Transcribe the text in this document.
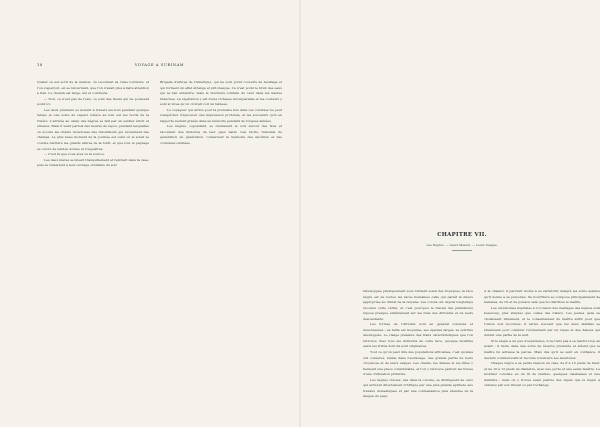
18	VOYAGE A SURINAM

Quand on est sorti de la maison, on reconnait sa vraie tournure, et l'on s'aperçoit, en se retournant, que l'on n'avait plus à faire attention à rien. Le chemin est large, uni et commode.

— Non, ce n'est pas de l'eau, ce sont des fleurs qui ne poussent point ici.

Les deux premiers se suivent à travers les bois pendant quelque temps et une sorte de vapeur s'élève au loin sur les bords de la rivière. L'arrivée au camp des nègres se fait par un sentier étroit et sinueux. Mais il vient parfois des heures de repos, pendant lesquelles on écoute les chants monotones des travailleurs qui reviennent des champs. Le plus beau moment de la journée est celui où le soleil se couche derrière les grands arbres de la forêt, et que tout le paysage se colore de teintes dorées et rougeâtres.

— C'est là que vous avez vu la source.

Les deux mères se lèvent tranquillement et rentrent dans la case, puis se remettent à leur ouvrage ordinaire du soir.

Brigade d'arbres de l'Amérique, qui ne sont point couverts de feuillage et qui forment un effet étrange et pittoresque. Ce n'est point le bruit des eaux qui se fait entendre, mais le murmure lointain du vent dans les hautes branches. La végétation y est d'une richesse incomparable et les couleurs y sont si vives qu'on croirait voir un tableau.

Le voyageur qui arrive pour la première fois dans ces contrées ne peut s'empêcher d'éprouver une impression profonde, et les souvenirs qu'il en rapporte restent gravés dans sa mémoire pendant de longues années.

Les nègres, cependant, se réunissent le soir autour des feux et racontent des histoires de leur pays natal. Ces récits, transmis de génération en génération, conservent la mémoire des ancêtres et des coutumes oubliées.

CHAPITRE VII.
Les Nègres. — Leurs Mœurs. — Leurs Usages.

Développée physiquement sous l'ardent soleil des tropiques, la race nègre est de toutes les races humaines celle qui paraît la mieux appropriée au climat de la Guyane. Les colons ont depuis longtemps reconnu cette vérité, et c'est pourquoi le travail des plantations repose presque entièrement sur les bras des Africains et de leurs descendants.

Les formes de l'Africain sont en général robustes et musculeuses ; sa taille est moyenne, ses épaules larges, sa poitrine développée. Le visage présente des traits caractéristiques que l'on retrouve chez tous les individus de cette race, quoique modifiés selon les tribus dont ils sont originaires.

Tout ce qu'on peut dire des populations africaines, c'est qu'elles ont conservé, même dans l'esclavage, une grande partie de leurs croyances et de leurs usages. Les chants, les danses et les fêtes y tiennent une place considérable, et l'on y retrouve partout les traces d'une civilisation primitive.

Les nègres créoles, nés dans la colonie, se distinguent de ceux qui arrivent directement d'Afrique par une plus grande aptitude aux travaux domestiques et par une connaissance plus étendue de la langue du pays.

À la chaleur, il parvient moins à se rafraîchir, malgré les soins assidus qu'il donne à sa personne. Sa nourriture se compose principalement de bananes, de riz et de poisson salé que lui distribue le maître.

Les cérémonies nuptiales à l'occasion des mariages des nègres sont beaucoup plus simples que celles des blancs. Les jeunes gens se choisissent librement, et le consentement du maître suffit pour que l'union soit reconnue. Il arrive souvent que les deux familles se réunissent pour célébrer l'événement par un repas et des danses qui durent une partie de la nuit.

Si le nègre a un peu d'expérience, il ne tient pas à se mettre trop en avant ; il reste dans une sorte de réserve prudente et attend que le maître lui adresse la parole. Mais dès qu'il se sent en confiance, il devient communicatif et raconte volontiers ses aventures.

Chaque nègre a sa petite maison en case, de 8 à 10 pieds de haut, et de 10 à 12 pieds de diamètre, avec une porte et une seule fenêtre. Le mobilier consiste en un lit de feuilles, quelques calebasses et une marmite ; mais on y trouve aussi parfois des objets que le nègre a obtenus par son travail ou par l'échange.
